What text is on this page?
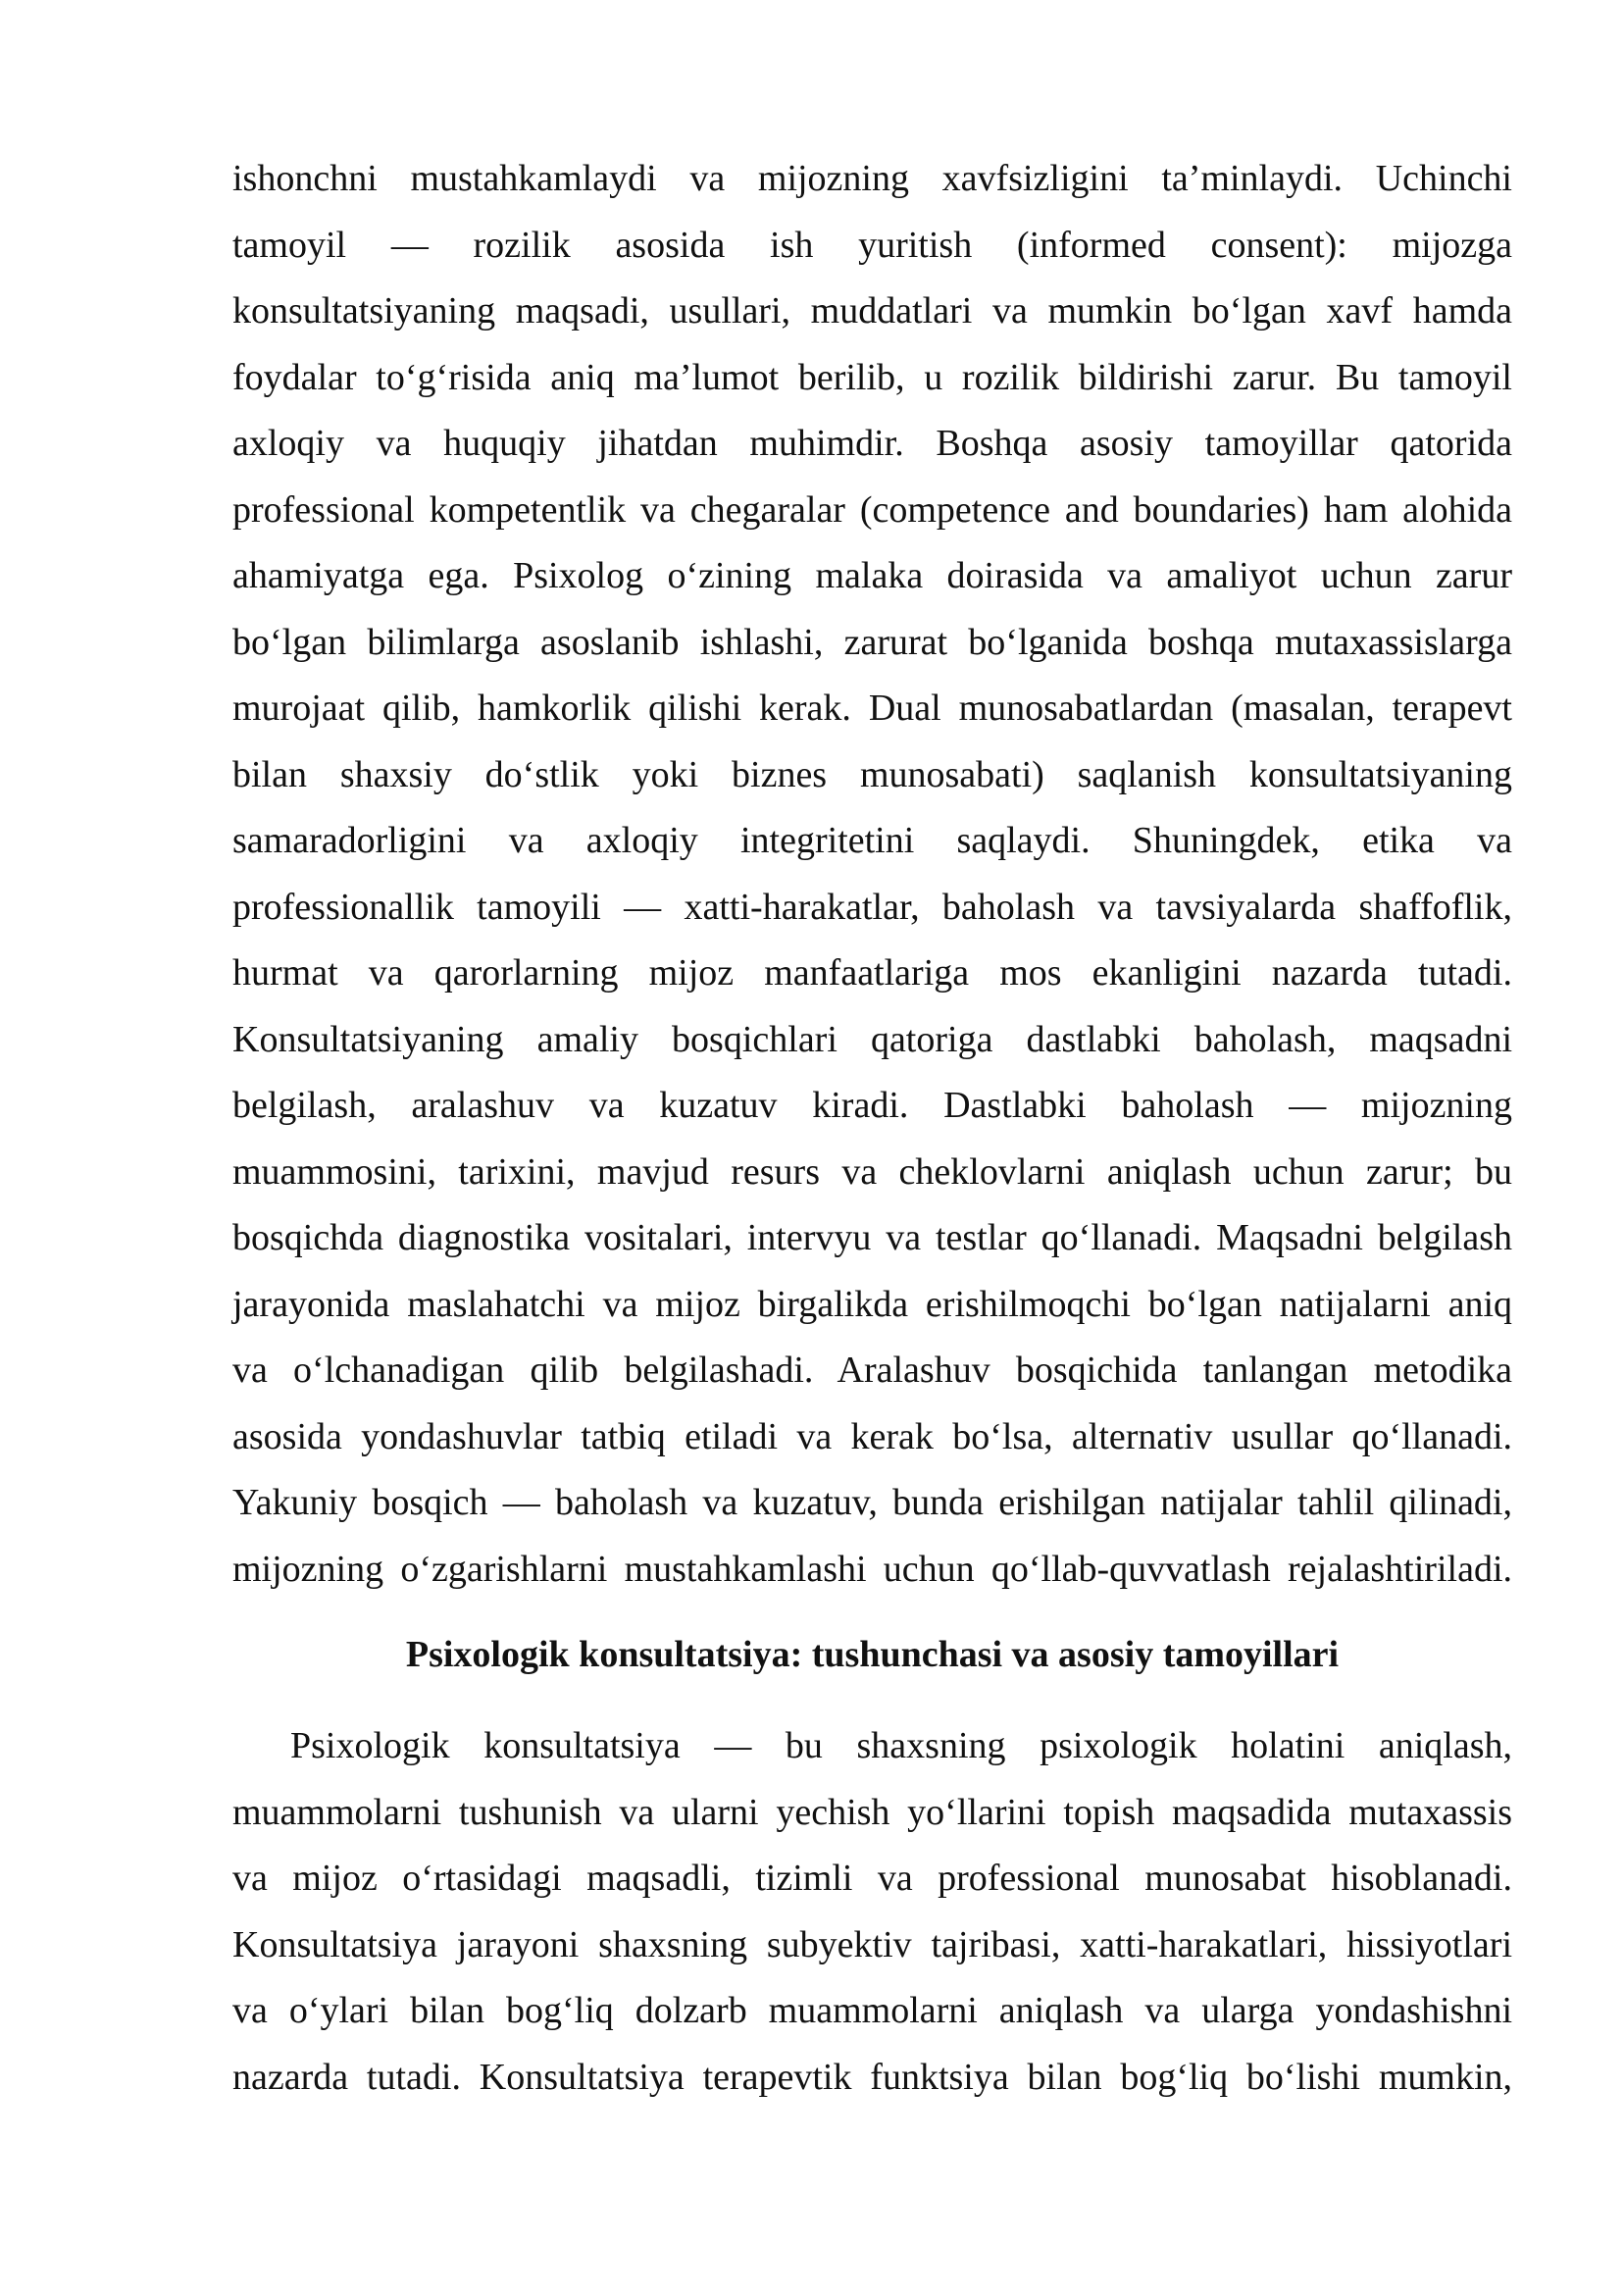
ishonchni mustahkamlaydi va mijozning xavfsizligini ta’minlaydi. Uchinchi
tamoyil — rozilik asosida ish yuritish (informed consent): mijozga
konsultatsiyaning maqsadi, usullari, muddatlari va mumkin bo‘lgan xavf hamda
foydalar to‘g‘risida aniq ma’lumot berilib, u rozilik bildirishi zarur. Bu tamoyil
axloqiy va huquqiy jihatdan muhimdir. Boshqa asosiy tamoyillar qatorida
professional kompetentlik va chegaralar (competence and boundaries) ham alohida
ahamiyatga ega. Psixolog o‘zining malaka doirasida va amaliyot uchun zarur
bo‘lgan bilimlarga asoslanib ishlashi, zarurat bo‘lganida boshqa mutaxassislarga
murojaat qilib, hamkorlik qilishi kerak. Dual munosabatlardan (masalan, terapevt
bilan shaxsiy do‘stlik yoki biznes munosabati) saqlanish konsultatsiyaning
samaradorligini va axloqiy integritetini saqlaydi. Shuningdek, etika va
professionallik tamoyili — xatti-harakatlar, baholash va tavsiyalarda shaffoflik,
hurmat va qarorlarning mijoz manfaatlariga mos ekanligini nazarda tutadi.
Konsultatsiyaning amaliy bosqichlari qatoriga dastlabki baholash, maqsadni
belgilash, aralashuv va kuzatuv kiradi. Dastlabki baholash — mijozning
muammosini, tarixini, mavjud resurs va cheklovlarni aniqlash uchun zarur; bu
bosqichda diagnostika vositalari, intervyu va testlar qo‘llanadi. Maqsadni belgilash
jarayonida maslahatchi va mijoz birgalikda erishilmoqchi bo‘lgan natijalarni aniq
va o‘lchanadigan qilib belgilashadi. Aralashuv bosqichida tanlangan metodika
asosida yondashuvlar tatbiq etiladi va kerak bo‘lsa, alternativ usullar qo‘llanadi.
Yakuniy bosqich — baholash va kuzatuv, bunda erishilgan natijalar tahlil qilinadi,
mijozning o‘zgarishlarni mustahkamlashi uchun qo‘llab-quvvatlash rejalashtiriladi.
Psixologik konsultatsiya: tushunchasi va asosiy tamoyillari
Psixologik konsultatsiya — bu shaxsning psixologik holatini aniqlash,
muammolarni tushunish va ularni yechish yo‘llarini topish maqsadida mutaxassis
va mijoz o‘rtasidagi maqsadli, tizimli va professional munosabat hisoblanadi.
Konsultatsiya jarayoni shaxsning subyektiv tajribasi, xatti-harakatlari, hissiyotlari
va o‘ylari bilan bog‘liq dolzarb muammolarni aniqlash va ularga yondashishni
nazarda tutadi. Konsultatsiya terapevtik funktsiya bilan bog‘liq bo‘lishi mumkin,
